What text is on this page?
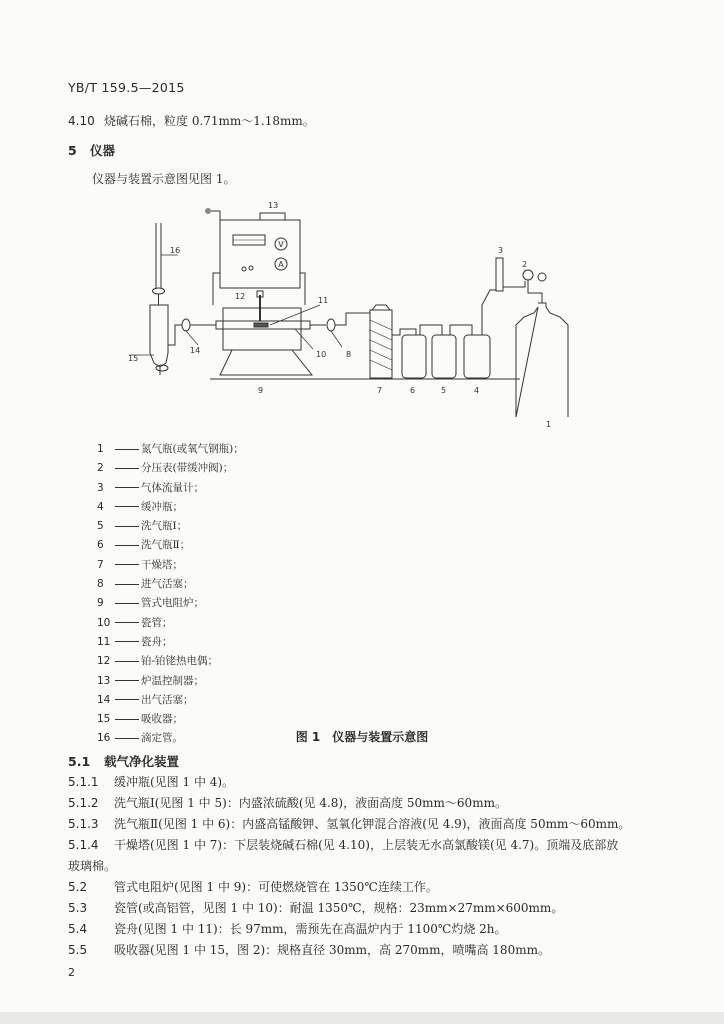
YB/T 159.5—2015
4.10 烧碱石棉，粒度 0.71mm～1.18mm。
5 仪器
仪器与装置示意图见图 1。
V
A
13
16
15
14
12	11
10
9
8
7	6	5	4
3
2
1
1	氮气瓶(或氧气钢瓶)；
2	分压表(带缓冲阀)；
3	气体流量计；
4	缓冲瓶；
5	洗气瓶Ⅰ；
6	洗气瓶Ⅱ；
7	干燥塔；
8	进气活塞；
9	管式电阻炉；
10	瓷管；
11	瓷舟；
12	铂-铂铑热电偶；
13	炉温控制器；
14	出气活塞；
15	吸收器；
16	滴定管。	图 1　仪器与装置示意图
5.1 载气净化装置
5.1.1 缓冲瓶(见图 1 中 4)。
5.1.2 洗气瓶Ⅰ(见图 1 中 5)：内盛浓硫酸(见 4.8)，液面高度 50mm～60mm。
5.1.3 洗气瓶Ⅱ(见图 1 中 6)：内盛高锰酸钾、氢氧化钾混合溶液(见 4.9)，液面高度 50mm～60mm。
5.1.4 干燥塔(见图 1 中 7)：下层装烧碱石棉(见 4.10)，上层装无水高氯酸镁(见 4.7)。顶端及底部放
玻璃棉。
5.2 管式电阻炉(见图 1 中 9)：可使燃烧管在 1350℃连续工作。
5.3 瓷管(或高铝管，见图 1 中 10)：耐温 1350℃，规格：23mm×27mm×600mm。
5.4 瓷舟(见图 1 中 11)：长 97mm，需预先在高温炉内于 1100℃灼烧 2h。
5.5 吸收器(见图 1 中 15，图 2)：规格直径 30mm，高 270mm，喷嘴高 180mm。
2
